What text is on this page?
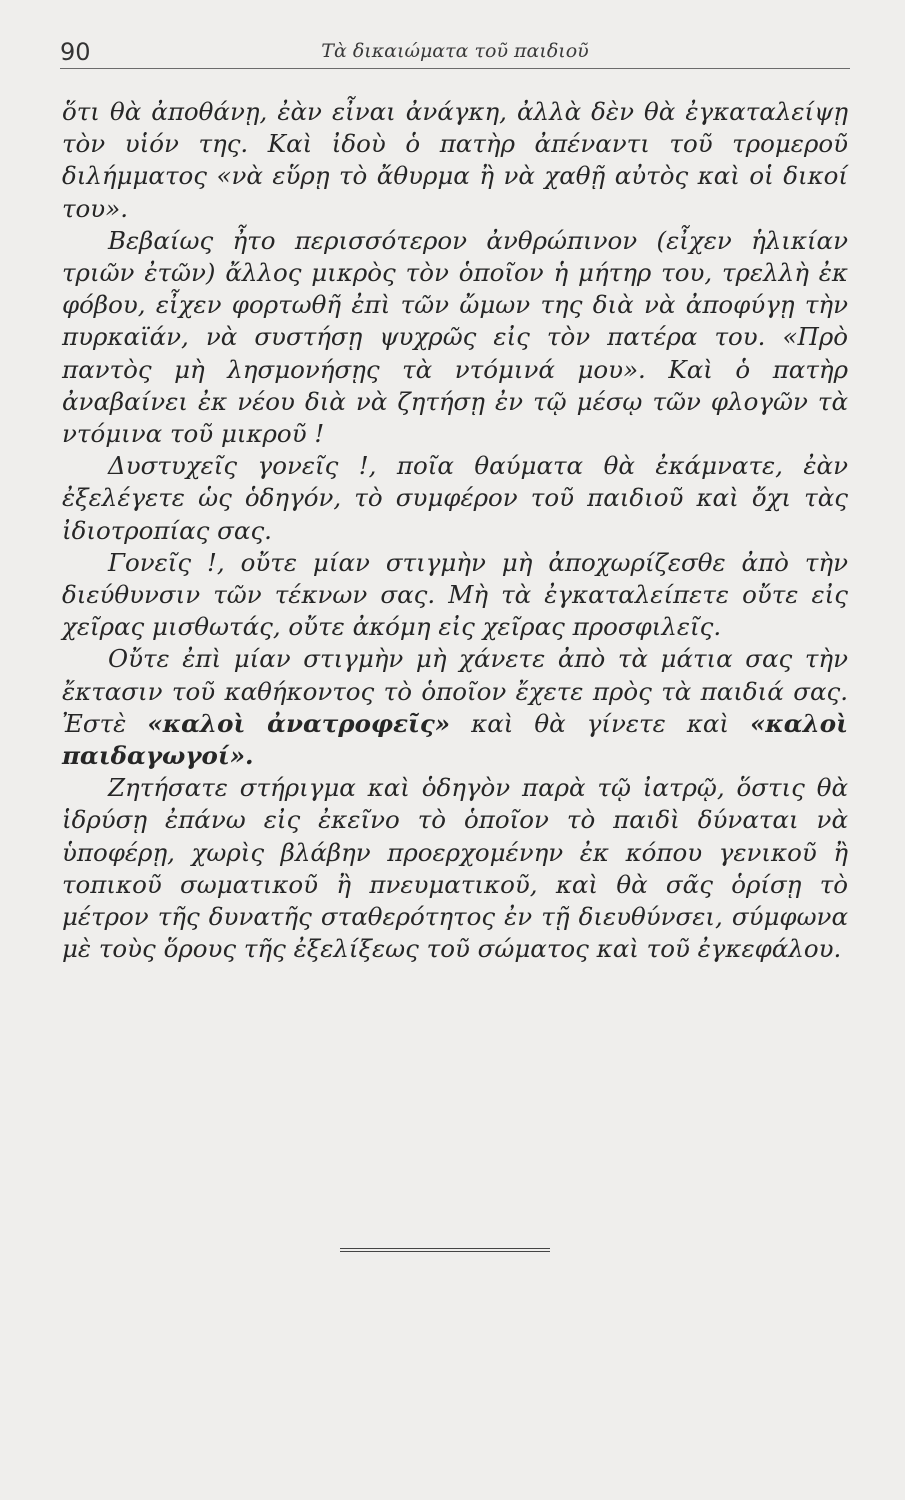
90	Τὰ δικαιώματα τοῦ παιδιοῦ

ὅτι θὰ ἀποθάνῃ, ἐὰν εἶναι ἀνάγκη, ἀλλὰ δὲν θὰ ἐγκαταλείψῃ τὸν υἱόν της. Καὶ ἰδοὺ ὁ πατὴρ ἀπέναντι τοῦ τρομεροῦ διλήμματος «νὰ εὕρῃ τὸ ἄθυρμα ἢ νὰ χαθῇ αὐτὸς καὶ οἱ δικοί του».

Βεβαίως ἦτο περισσότερον ἀνθρώπινον (εἶχεν ἡλικίαν τριῶν ἐτῶν) ἄλλος μικρὸς τὸν ὁποῖον ἡ μήτηρ του, τρελλὴ ἐκ φόβου, εἶχεν φορτωθῆ ἐπὶ τῶν ὤμων της διὰ νὰ ἀποφύγῃ τὴν πυρκαϊάν, νὰ συστήσῃ ψυχρῶς εἰς τὸν πατέρα του. «Πρὸ παντὸς μὴ λησμονήσῃς τὰ ντόμινά μου». Καὶ ὁ πατὴρ ἀναβαίνει ἐκ νέου διὰ νὰ ζητήσῃ ἐν τῷ μέσῳ τῶν φλογῶν τὰ ντόμινα τοῦ μικροῦ !

Δυστυχεῖς γονεῖς !, ποῖα θαύματα θὰ ἐκάμνατε, ἐὰν ἐξελέγετε ὡς ὁδηγόν, τὸ συμφέρον τοῦ παιδιοῦ καὶ ὄχι τὰς ἰδιοτροπίας σας.

Γονεῖς !, οὔτε μίαν στιγμὴν μὴ ἀποχωρίζεσθε ἀπὸ τὴν διεύθυνσιν τῶν τέκνων σας. Μὴ τὰ ἐγκαταλείπετε οὔτε εἰς χεῖρας μισθωτάς, οὔτε ἀκόμη εἰς χεῖρας προσφιλεῖς.

Οὔτε ἐπὶ μίαν στιγμὴν μὴ χάνετε ἀπὸ τὰ μάτια σας τὴν ἔκτασιν τοῦ καθήκοντος τὸ ὁποῖον ἔχετε πρὸς τὰ παιδιά σας. Ἐστὲ «καλοὶ ἀνατροφεῖς» καὶ θὰ γίνετε καὶ «καλοὶ παιδαγωγοί».

Ζητήσατε στήριγμα καὶ ὁδηγὸν παρὰ τῷ ἰατρῷ, ὅστις θὰ ἱδρύσῃ ἐπάνω εἰς ἐκεῖνο τὸ ὁποῖον τὸ παιδὶ δύναται νὰ ὑποφέρῃ, χωρὶς βλάβην προερχομένην ἐκ κόπου γενικοῦ ἢ τοπικοῦ σωματικοῦ ἢ πνευματικοῦ, καὶ θὰ σᾶς ὁρίσῃ τὸ μέτρον τῆς δυνατῆς σταθερότητος ἐν τῇ διευθύνσει, σύμφωνα μὲ τοὺς ὅρους τῆς ἐξελίξεως τοῦ σώματος καὶ τοῦ ἐγκεφάλου.
